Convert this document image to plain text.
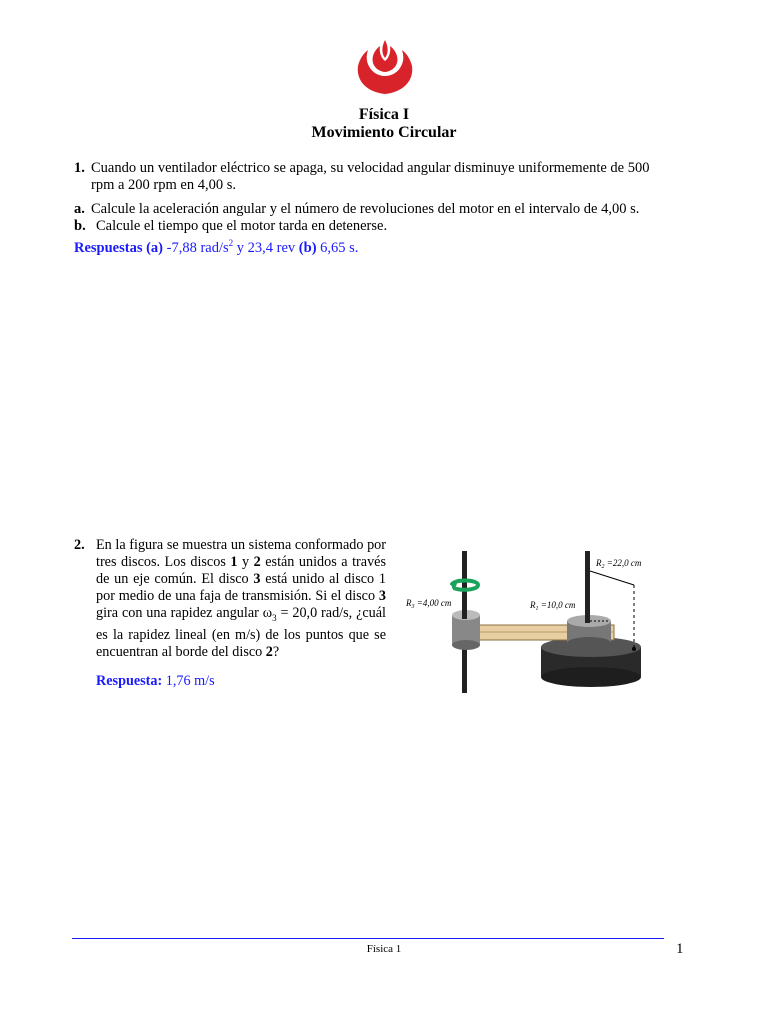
Física I
Movimiento Circular
1. Cuando un ventilador eléctrico se apaga, su velocidad angular disminuye uniformemente de 500
rpm a 200 rpm en 4,00 s.
a. Calcule la aceleración angular y el número de revoluciones del motor en el intervalo de 4,00 s.
b. Calcule el tiempo que el motor tarda en detenerse.
Respuestas (a) -7,88 rad/$s^2$ y 23,4 rev (b) 6,65 s.
2. En la figura se muestra un sistema conformado por tres discos. Los discos 1 y 2 están unidos a través de un eje común. El disco 3 está unido al disco 1 por medio de una faja de transmisión. Si el disco 3 gira con una rapidez angular $\omega_3 = 20,0$ rad/s, ¿cuál es la rapidez lineal (en m/s) de los puntos que se encuentran al borde del disco 2?
Respuesta: 1,76 m/s
$R_2 =22,0$ cm
$R_3 =4,00$ cm	$R_1 =10,0$ cm
Física 1	1
